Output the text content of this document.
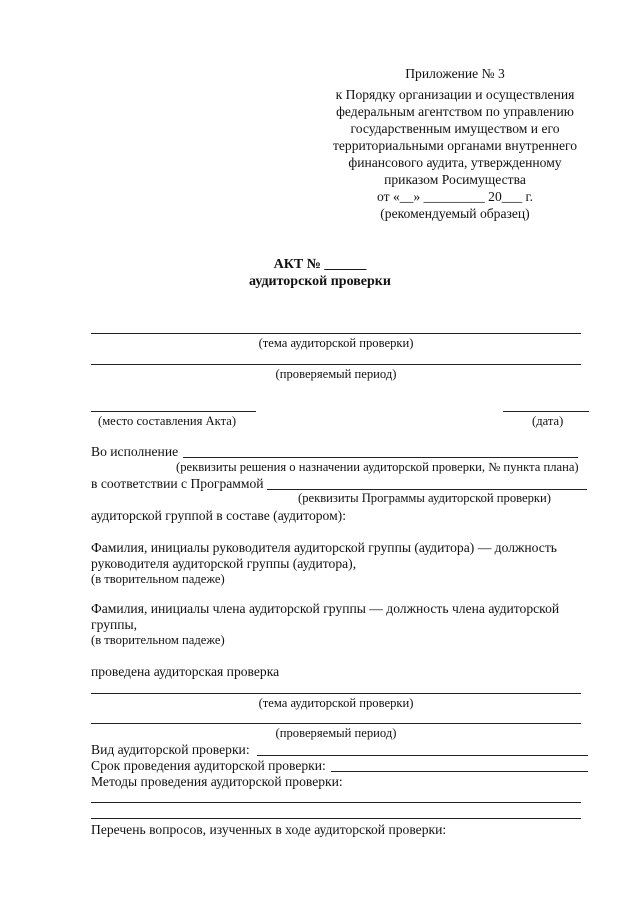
Приложение № 3
к Порядку организации и осуществления
федеральным агентством по управлению
государственным имуществом и его
территориальными органами внутреннего
финансового аудита, утвержденному
приказом Росимущества
от «__» _________ 20___ г.
(рекомендуемый образец)
АКТ № ______
аудиторской проверки
(тема аудиторской проверки)
(проверяемый период)
(место составления Акта)	(дата)
Во исполнение
(реквизиты решения о назначении аудиторской проверки, № пункта плана)
в соответствии с Программой
(реквизиты Программы аудиторской проверки)
аудиторской группой в составе (аудитором):
Фамилия, инициалы руководителя аудиторской группы (аудитора) — должность
руководителя аудиторской группы (аудитора),
(в творительном падеже)
Фамилия, инициалы члена аудиторской группы — должность члена аудиторской
группы,
(в творительном падеже)
проведена аудиторская проверка
(тема аудиторской проверки)
(проверяемый период)
Вид аудиторской проверки:
Срок проведения аудиторской проверки:
Методы проведения аудиторской проверки:
Перечень вопросов, изученных в ходе аудиторской проверки:
